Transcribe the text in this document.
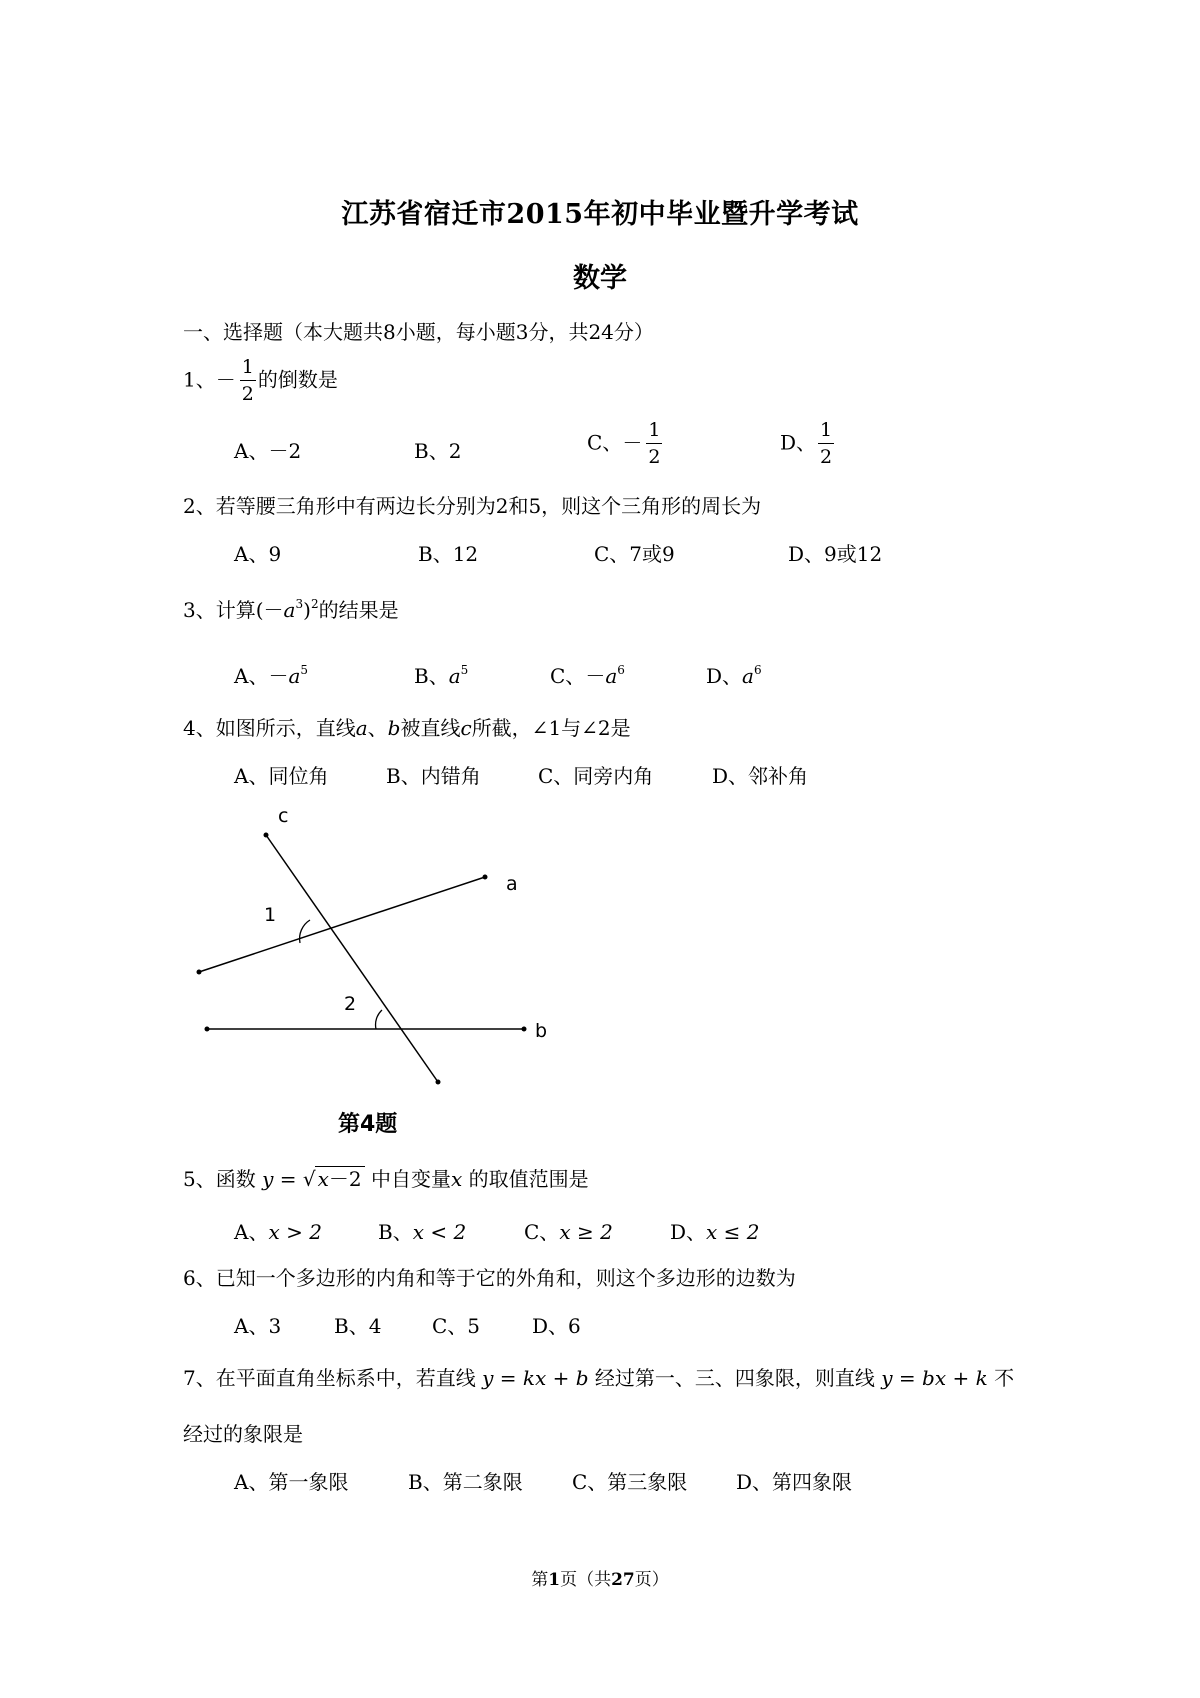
江苏省宿迁市2015年初中毕业暨升学考试
数学
一、选择题（本大题共8小题，每小题3分，共24分）
1、－ $\frac{1}{2}$ 的倒数是
A、－2	B、2	C、－ $\frac{1}{2}$	D、 $\frac{1}{2}$
2、若等腰三角形中有两边长分别为2和5，则这个三角形的周长为
A、9	B、12	C、7或9	D、9或12
3、计算$(-a^3)^2$的结果是
A、$-a^5$	B、$a^5$	C、$-a^6$	D、$a^6$
4、如图所示，直线a、b被直线c所截，∠1与∠2是
A、同位角	B、内错角	C、同旁内角	D、邻补角
c
a
b
1
2
第4题
5、函数 y = √ x－2 中自变量x 的取值范围是
A、x > 2	B、x < 2	C、x ≥ 2	D、x ≤ 2
6、已知一个多边形的内角和等于它的外角和，则这个多边形的边数为
A、3	B、4	C、5	D、6
7、在平面直角坐标系中，若直线 y = kx + b 经过第一、三、四象限，则直线 y = bx + k 不
经过的象限是
A、第一象限	B、第二象限 C、第三象限 D、第四象限
第1页（共27页）
